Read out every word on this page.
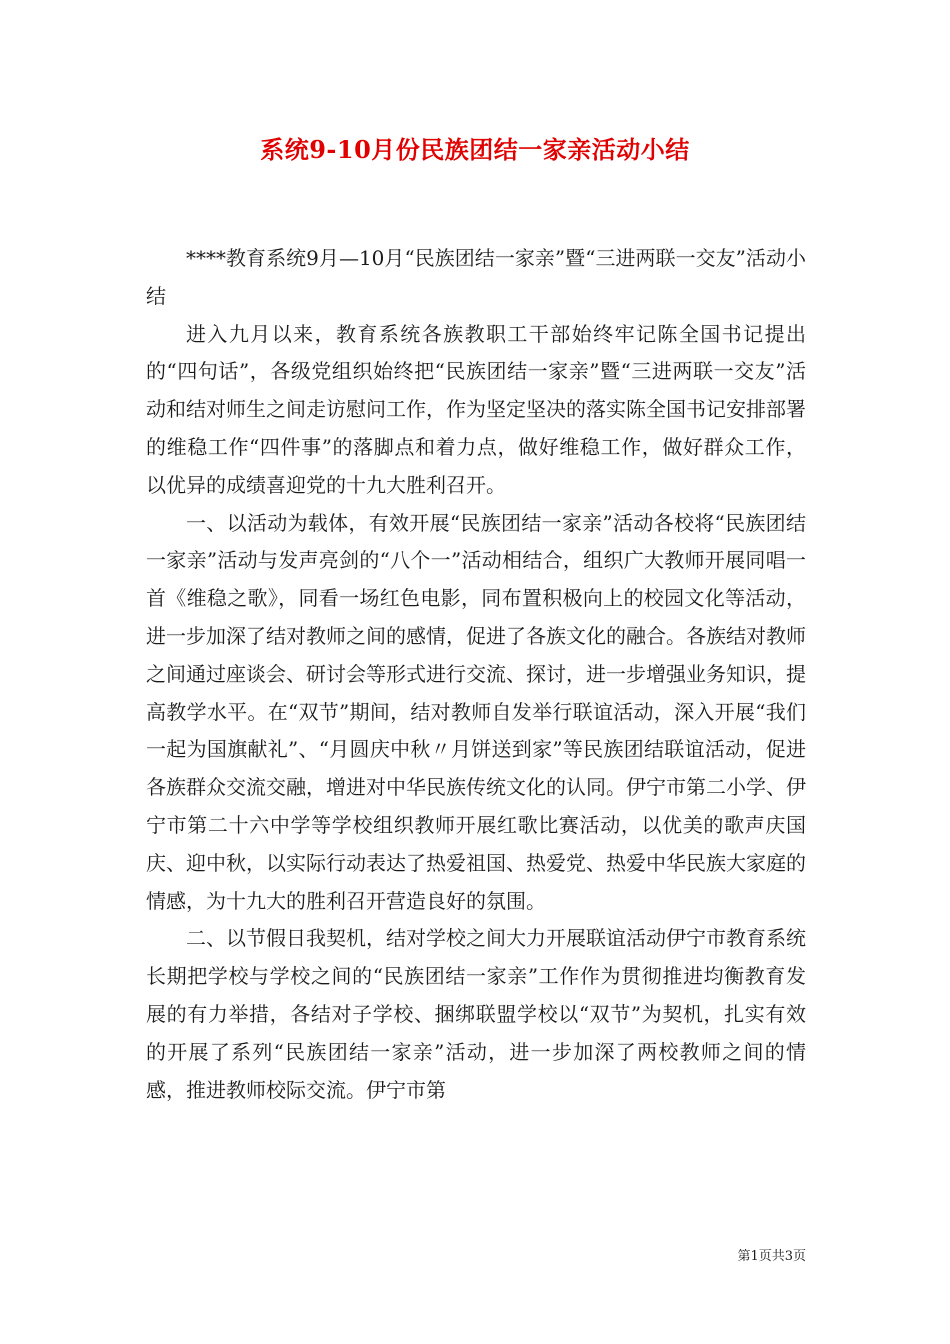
系统9-10月份民族团结一家亲活动小结

****教育系统9月—10月“民族团结一家亲”暨“三进两联一交友”活动小结

进入九月以来，教育系统各族教职工干部始终牢记陈全国书记提出的“四句话”，各级党组织始终把“民族团结一家亲”暨“三进两联一交友”活动和结对师生之间走访慰问工作，作为坚定坚决的落实陈全国书记安排部署的维稳工作“四件事”的落脚点和着力点，做好维稳工作，做好群众工作，以优异的成绩喜迎党的十九大胜利召开。

一、以活动为载体，有效开展“民族团结一家亲”活动各校将“民族团结一家亲”活动与发声亮剑的“八个一”活动相结合，组织广大教师开展同唱一首《维稳之歌》，同看一场红色电影，同布置积极向上的校园文化等活动，进一步加深了结对教师之间的感情，促进了各族文化的融合。各族结对教师之间通过座谈会、研讨会等形式进行交流、探讨，进一步增强业务知识，提高教学水平。在“双节”期间，结对教师自发举行联谊活动，深入开展“我们一起为国旗献礼”、“月圆庆中秋〃月饼送到家”等民族团结联谊活动，促进各族群众交流交融，增进对中华民族传统文化的认同。伊宁市第二小学、伊宁市第二十六中学等学校组织教师开展红歌比赛活动，以优美的歌声庆国庆、迎中秋，以实际行动表达了热爱祖国、热爱党、热爱中华民族大家庭的情感，为十九大的胜利召开营造良好的氛围。

二、以节假日我契机，结对学校之间大力开展联谊活动伊宁市教育系统长期把学校与学校之间的“民族团结一家亲”工作作为贯彻推进均衡教育发展的有力举措，各结对子学校、捆绑联盟学校以“双节”为契机，扎实有效的开展了系列“民族团结一家亲”活动，进一步加深了两校教师之间的情感，推进教师校际交流。伊宁市第

第1页共3页
